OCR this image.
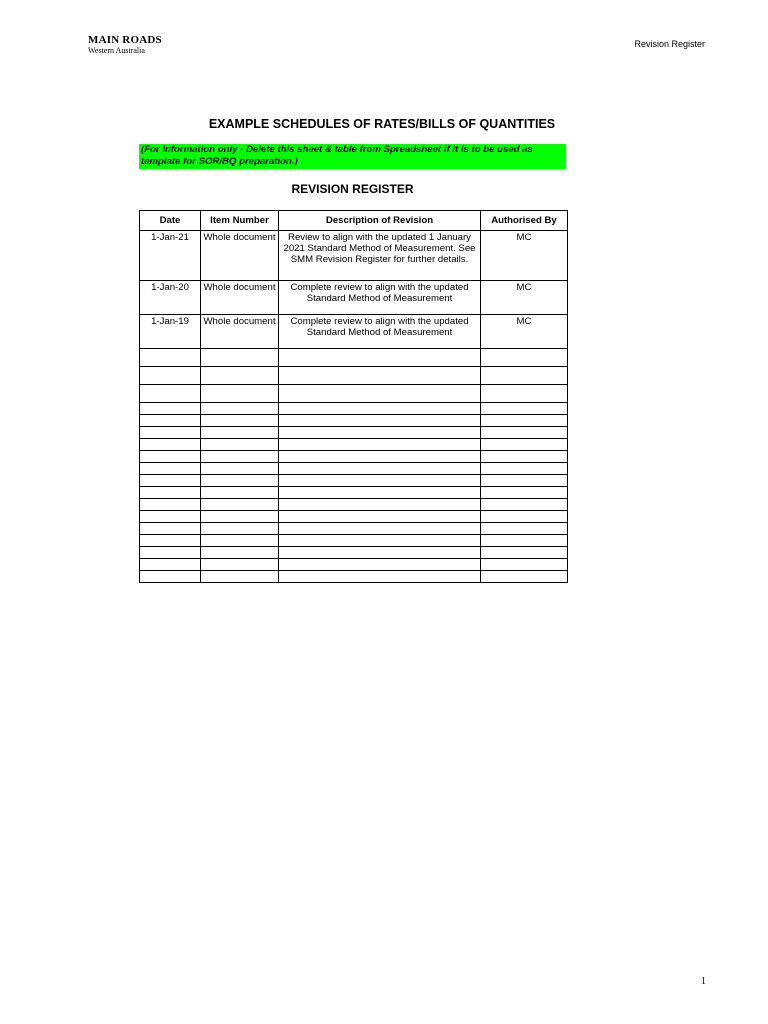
MAIN ROADS
Western Australia
Revision Register
EXAMPLE SCHEDULES OF RATES/BILLS OF QUANTITIES
(For Information only - Delete this sheet & table from Spreadsheet if it is to be used as
template for SOR/BQ preparation.)
REVISION REGISTER
Date	Item Number	Description of Revision	Authorised By
1-Jan-21	Whole document	Review to align with the updated 1 January 2021 Standard Method of Measurement. See SMM Revision Register for further details.	MC
1-Jan-20	Whole document	Complete review to align with the updated Standard Method of Measurement	MC
1-Jan-19	Whole document	Complete review to align with the updated Standard Method of Measurement	MC

1
